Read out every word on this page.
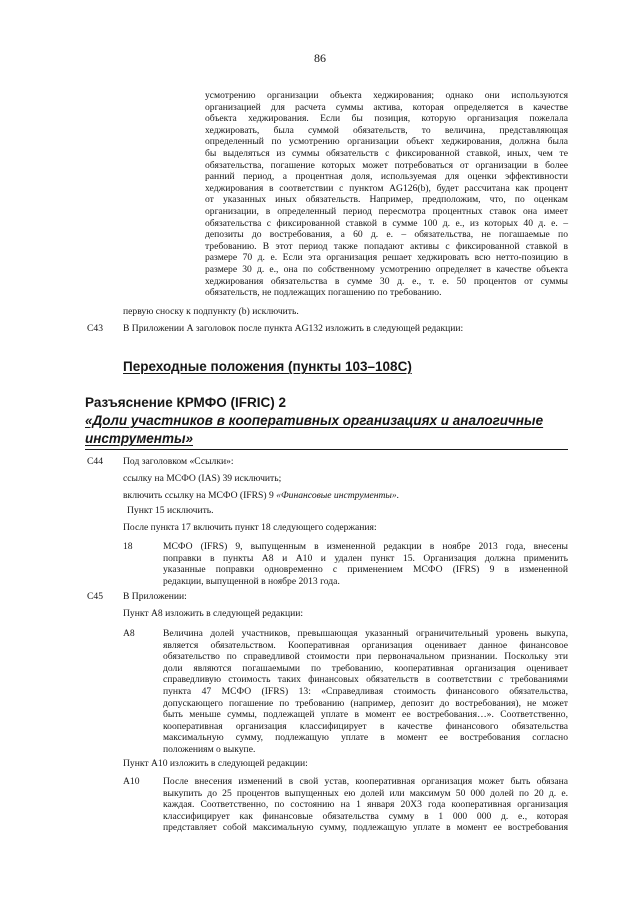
86
усмотрению организации объекта хеджирования; однако они используются
организацией для расчета суммы актива, которая определяется в качестве
объекта хеджирования. Если бы позиция, которую организация пожелала
хеджировать, была суммой обязательств, то величина, представляющая
определенный по усмотрению организации объект хеджирования, должна была
бы выделяться из суммы обязательств с фиксированной ставкой, иных, чем те
обязательства, погашение которых может потребоваться от организации в более
ранний период, а процентная доля, используемая для оценки эффективности
хеджирования в соответствии с пунктом AG126(b), будет рассчитана как процент
от указанных иных обязательств. Например, предположим, что, по оценкам
организации, в определенный период пересмотра процентных ставок она имеет
обязательства с фиксированной ставкой в сумме 100 д. е., из которых 40 д. е. –
депозиты до востребования, а 60 д. е. – обязательства, не погашаемые по
требованию. В этот период также попадают активы с фиксированной ставкой в
размере 70 д. е. Если эта организация решает хеджировать всю нетто-позицию в
размере 30 д. е., она по собственному усмотрению определяет в качестве объекта
хеджирования обязательства в сумме 30 д. е., т. е. 50 процентов от суммы
обязательств, не подлежащих погашению по требованию.
первую сноску к подпункту (b) исключить.
C43 В Приложении А заголовок после пункта AG132 изложить в следующей редакции:
Переходные положения (пункты 103–108C)
Разъяснение КРМФО (IFRIC) 2
«Доли участников в кооперативных организациях и аналогичные
инструменты»
C44 Под заголовком «Ссылки»:
ссылку на МСФО (IAS) 39 исключить;
включить ссылку на МСФО (IFRS) 9 «Финансовые инструменты».
Пункт 15 исключить.
После пункта 17 включить пункт 18 следующего содержания:
18	МСФО (IFRS) 9, выпущенным в измененной редакции в ноябре 2013 года, внесены
поправки в пункты A8 и A10 и удален пункт 15. Организация должна применить
указанные поправки одновременно с применением МСФО (IFRS) 9 в измененной
редакции, выпущенной в ноябре 2013 года.
C45 В Приложении:
Пункт A8 изложить в следующей редакции:
A8	Величина долей участников, превышающая указанный ограничительный уровень выкупа,
является обязательством. Кооперативная организация оценивает данное финансовое
обязательство по справедливой стоимости при первоначальном признании. Поскольку эти
доли являются погашаемыми по требованию, кооперативная организация оценивает
справедливую стоимость таких финансовых обязательств в соответствии с требованиями
пункта 47 МСФО (IFRS) 13: «Справедливая стоимость финансового обязательства,
допускающего погашение по требованию (например, депозит до востребования), не может
быть меньше суммы, подлежащей уплате в момент ее востребования…». Соответственно,
кооперативная организация классифицирует в качестве финансового обязательства
максимальную сумму, подлежащую уплате в момент ее востребования согласно
положениям о выкупе.
Пункт A10 изложить в следующей редакции:
A10 После внесения изменений в свой устав, кооперативная организация может быть обязана
выкупить до 25 процентов выпущенных ею долей или максимум 50 000 долей по 20 д. е.
каждая. Соответственно, по состоянию на 1 января 20Х3 года кооперативная организация
классифицирует как финансовые обязательства сумму в 1 000 000 д. е., которая
представляет собой максимальную сумму, подлежащую уплате в момент ее востребования
